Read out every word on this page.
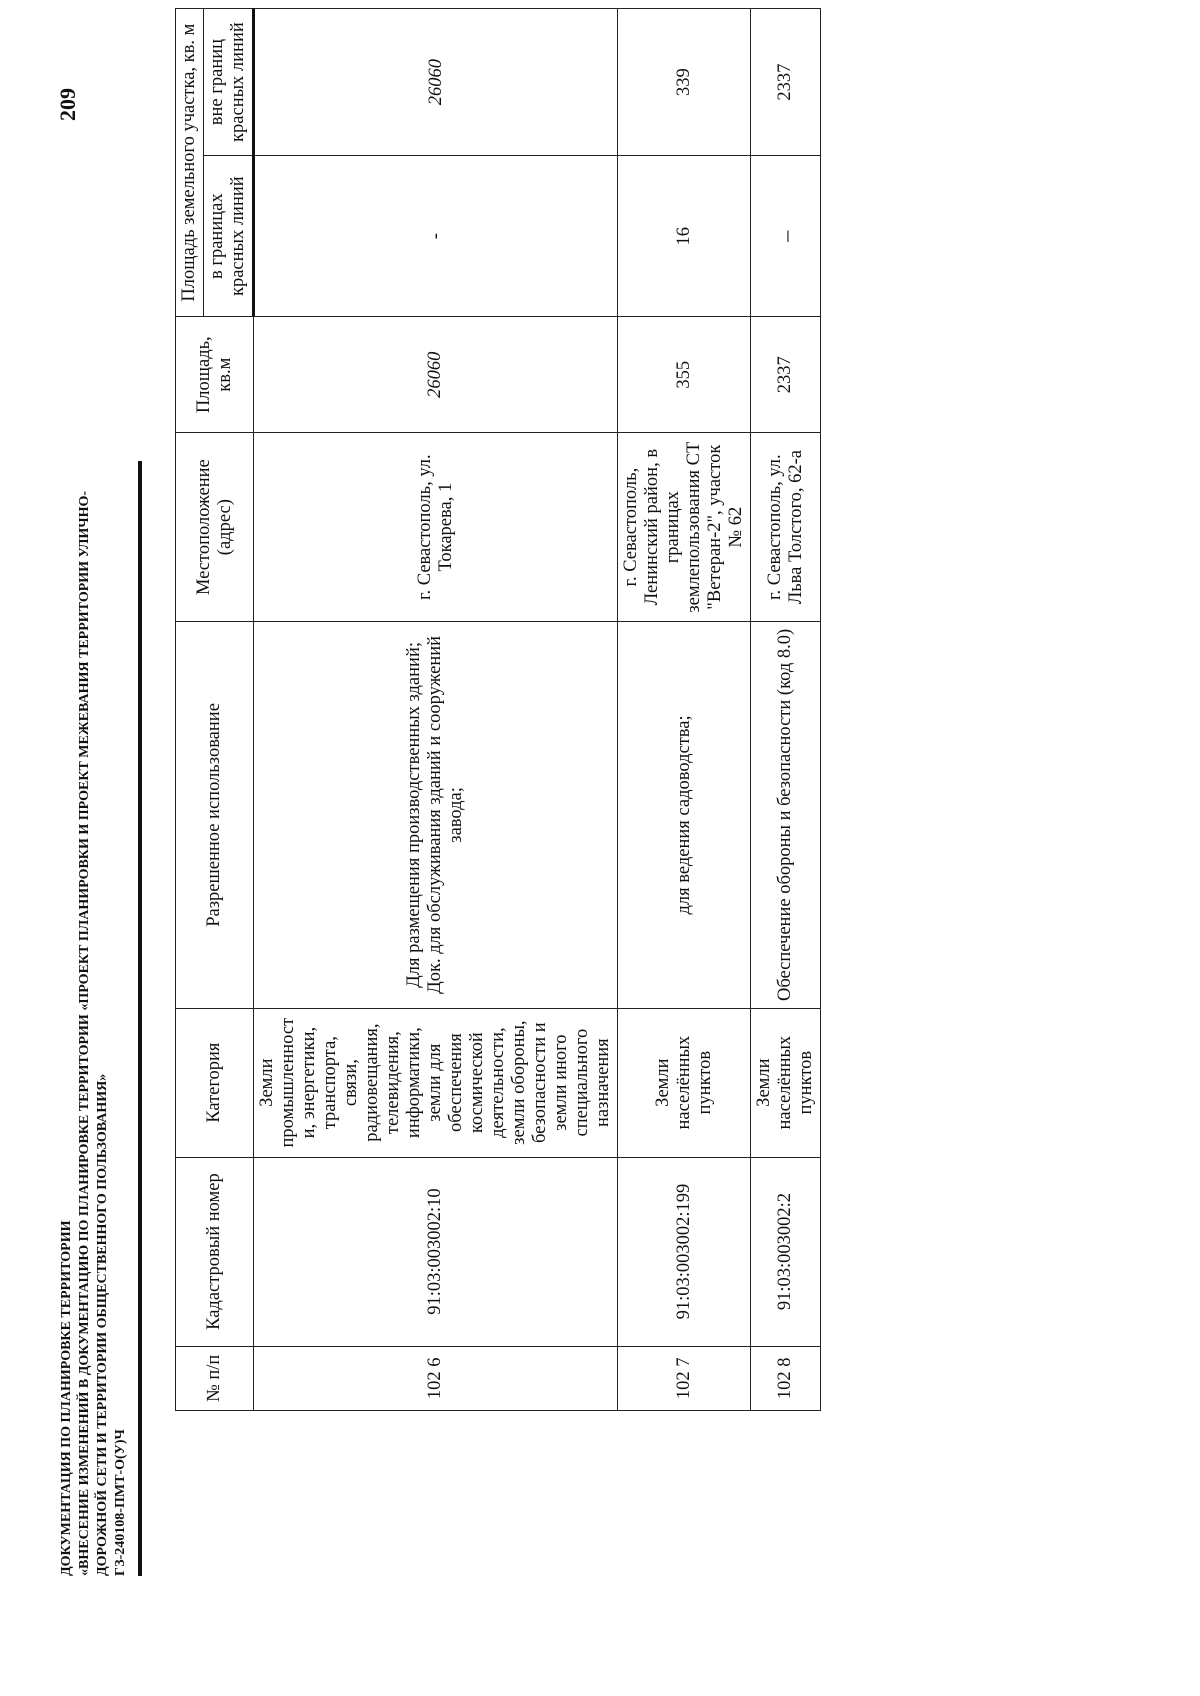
209
ДОКУМЕНТАЦИЯ ПО ПЛАНИРОВКЕ ТЕРРИТОРИИ «ВНЕСЕНИЕ ИЗМЕНЕНИЙ В ДОКУМЕНТАЦИЮ ПО ПЛАНИРОВКЕ ТЕРРИТОРИИ «ПРОЕКТ ПЛАНИРОВКИ И ПРОЕКТ МЕЖЕВАНИЯ ТЕРРИТОРИИ УЛИЧНО- ДОРОЖНОЙ СЕТИ И ТЕРРИТОРИИ ОБЩЕСТВЕННОГО ПОЛЬЗОВАНИЯ» ГЗ-240108-ПМТ-О(У)Ч
№ п/п	Кадастровый номер	Категория	Разрешенное использование	Местоположение (адрес)	Площадь, кв.м	Площадь земельного участка, кв. м	
						в границах красных линий	вне границ красных линий
102 6	91:03:003002:10	Земли промышленност и, энергетики, транспорта, связи, радиовещания, телевидения, информатики, земли для обеспечения космической деятельности, земли обороны, безопасности и земли иного специального назначения	Для размещения производственных зданий; Док. для обслуживания зданий и сооружений завода;	г. Севастополь, ул. Токарева, 1	26060	-	26060
102 7	91:03:003002:199	Земли населённых пунктов	для ведения садоводства;	г. Севастополь, Ленинский район, в границах землепользования СТ "Ветеран-2", участок № 62	355	16	339
102 8	91:03:003002:2	Земли населённых пунктов	Обеспечение обороны и безопасности (код 8.0)	г. Севастополь, ул. Льва Толстого, 62-а	2337	–	2337
